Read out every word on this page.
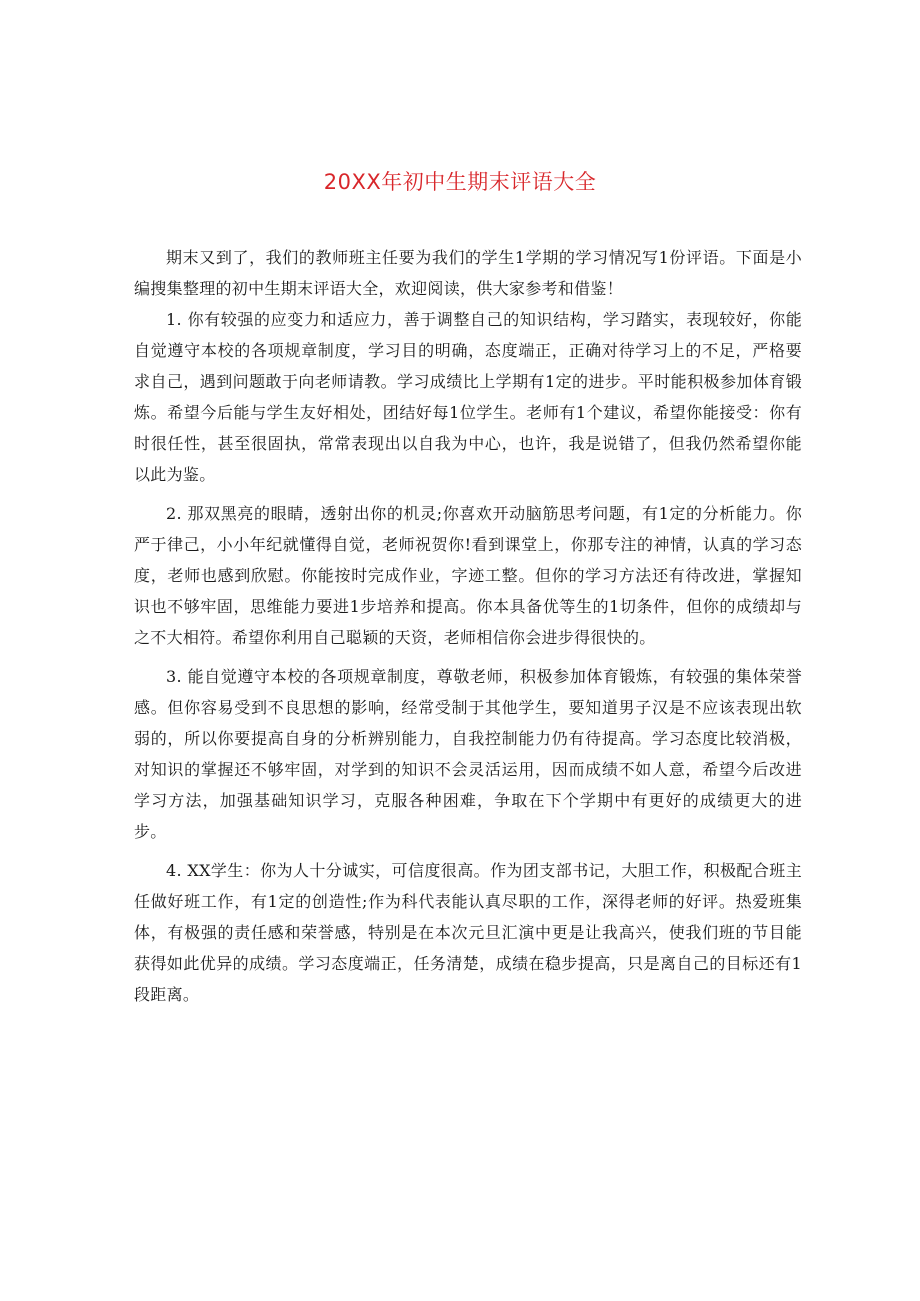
20XX年初中生期末评语大全

期末又到了，我们的教师班主任要为我们的学生1学期的学习情况写1份评语。下面是小编搜集整理的初中生期末评语大全，欢迎阅读，供大家参考和借鉴！

1. 你有较强的应变力和适应力，善于调整自己的知识结构，学习踏实，表现较好，你能自觉遵守本校的各项规章制度，学习目的明确，态度端正，正确对待学习上的不足，严格要求自己，遇到问题敢于向老师请教。学习成绩比上学期有1定的进步。平时能积极参加体育锻炼。希望今后能与学生友好相处，团结好每1位学生。老师有1个建议，希望你能接受：你有时很任性，甚至很固执，常常表现出以自我为中心，也许，我是说错了，但我仍然希望你能以此为鉴。

2. 那双黑亮的眼睛，透射出你的机灵;你喜欢开动脑筋思考问题，有1定的分析能力。你严于律己，小小年纪就懂得自觉，老师祝贺你!看到课堂上，你那专注的神情，认真的学习态度，老师也感到欣慰。你能按时完成作业，字迹工整。但你的学习方法还有待改进，掌握知识也不够牢固，思维能力要进1步培养和提高。你本具备优等生的1切条件，但你的成绩却与之不大相符。希望你利用自己聪颖的天资，老师相信你会进步得很快的。

3. 能自觉遵守本校的各项规章制度，尊敬老师，积极参加体育锻炼，有较强的集体荣誉感。但你容易受到不良思想的影响，经常受制于其他学生，要知道男子汉是不应该表现出软弱的，所以你要提高自身的分析辨别能力，自我控制能力仍有待提高。学习态度比较消极，对知识的掌握还不够牢固，对学到的知识不会灵活运用，因而成绩不如人意，希望今后改进学习方法，加强基础知识学习，克服各种困难，争取在下个学期中有更好的成绩更大的进步。

4. XX学生：你为人十分诚实，可信度很高。作为团支部书记，大胆工作，积极配合班主任做好班工作，有1定的创造性;作为科代表能认真尽职的工作，深得老师的好评。热爱班集体，有极强的责任感和荣誉感，特别是在本次元旦汇演中更是让我高兴，使我们班的节目能获得如此优异的成绩。学习态度端正，任务清楚，成绩在稳步提高，只是离自己的目标还有1段距离。
